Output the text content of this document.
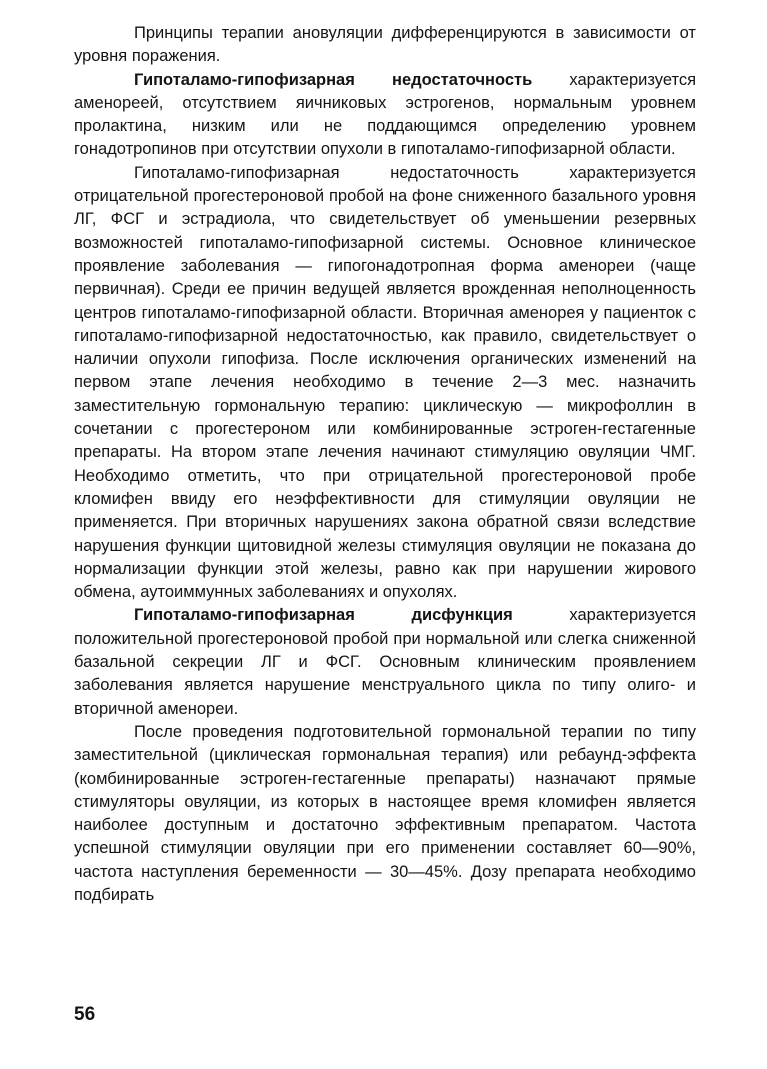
Принципы терапии ановуляции дифференцируются в зависимости от уровня поражения.

Гипоталамо-гипофизарная недостаточность характеризуется аменореей, отсутствием яичниковых эстрогенов, нормальным уровнем пролактина, низким или не поддающимся определению уровнем гонадотропинов при отсутствии опухоли в гипоталамо-гипофизарной области.

Гипоталамо-гипофизарная недостаточность характеризуется отрицательной прогестероновой пробой на фоне сниженного базального уровня ЛГ, ФСГ и эстрадиола, что свидетельствует об уменьшении резервных возможностей гипоталамо-гипофизарной системы. Основное клиническое проявление заболевания — гипогонадотропная форма аменореи (чаще первичная). Среди ее причин ведущей является врожденная неполноценность центров гипоталамо-гипофизарной области. Вторичная аменорея у пациенток с гипоталамо-гипофизарной недостаточностью, как правило, свидетельствует о наличии опухоли гипофиза. После исключения органических изменений на первом этапе лечения необходимо в течение 2—3 мес. назначить заместительную гормональную терапию: циклическую — микрофоллин в сочетании с прогестероном или комбинированные эстроген-гестагенные препараты. На втором этапе лечения начинают стимуляцию овуляции ЧМГ. Необходимо отметить, что при отрицательной прогестероновой пробе кломифен ввиду его неэффективности для стимуляции овуляции не применяется. При вторичных нарушениях закона обратной связи вследствие нарушения функции щитовидной железы стимуляция овуляции не показана до нормализации функции этой железы, равно как при нарушении жирового обмена, аутоиммунных заболеваниях и опухолях.

Гипоталамо-гипофизарная дисфункция характеризуется положительной прогестероновой пробой при нормальной или слегка сниженной базальной секреции ЛГ и ФСГ. Основным клиническим проявлением заболевания является нарушение менструального цикла по типу олиго- и вторичной аменореи.

После проведения подготовительной гормональной терапии по типу заместительной (циклическая гормональная терапия) или ребаунд-эффекта (комбинированные эстроген-гестагенные препараты) назначают прямые стимуляторы овуляции, из которых в настоящее время кломифен является наиболее доступным и достаточно эффективным препаратом. Частота успешной стимуляции овуляции при его применении составляет 60—90%, частота наступления беременности — 30—45%. Дозу препарата необходимо подбирать

56
